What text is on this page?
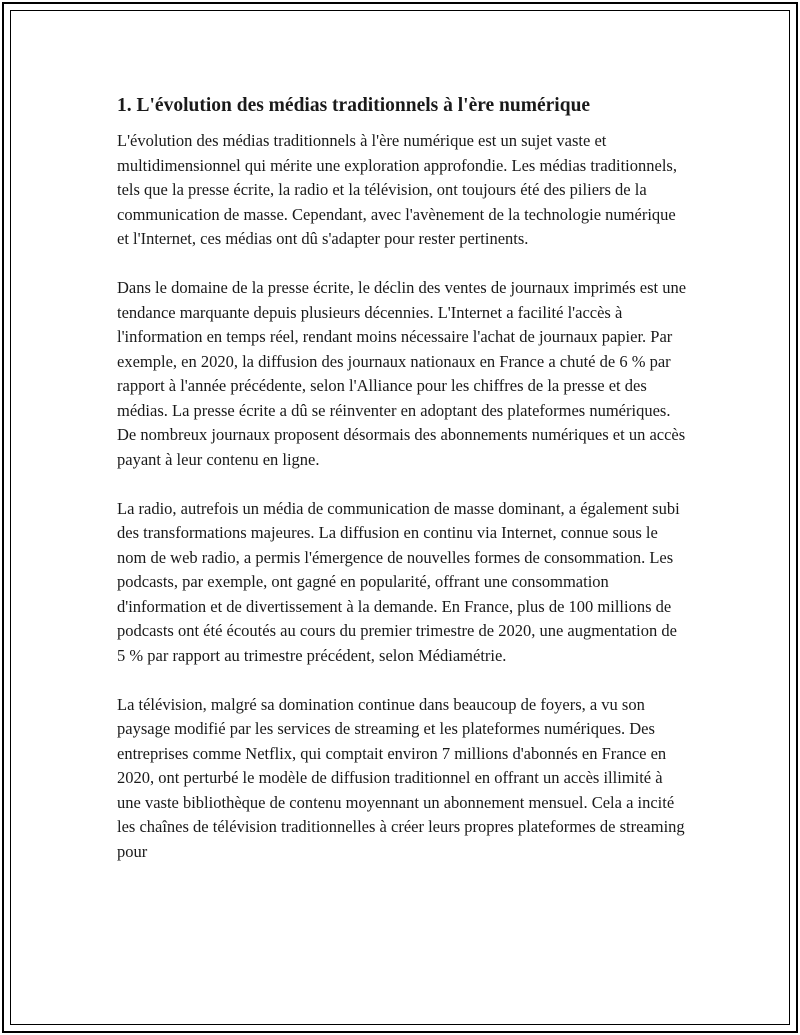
1. L'évolution des médias traditionnels à l'ère numérique

L'évolution des médias traditionnels à l'ère numérique est un sujet vaste et multidimensionnel qui mérite une exploration approfondie. Les médias traditionnels, tels que la presse écrite, la radio et la télévision, ont toujours été des piliers de la communication de masse. Cependant, avec l'avènement de la technologie numérique et l'Internet, ces médias ont dû s'adapter pour rester pertinents.

Dans le domaine de la presse écrite, le déclin des ventes de journaux imprimés est une tendance marquante depuis plusieurs décennies. L'Internet a facilité l'accès à l'information en temps réel, rendant moins nécessaire l'achat de journaux papier. Par exemple, en 2020, la diffusion des journaux nationaux en France a chuté de 6 % par rapport à l'année précédente, selon l'Alliance pour les chiffres de la presse et des médias. La presse écrite a dû se réinventer en adoptant des plateformes numériques. De nombreux journaux proposent désormais des abonnements numériques et un accès payant à leur contenu en ligne.

La radio, autrefois un média de communication de masse dominant, a également subi des transformations majeures. La diffusion en continu via Internet, connue sous le nom de web radio, a permis l'émergence de nouvelles formes de consommation. Les podcasts, par exemple, ont gagné en popularité, offrant une consommation d'information et de divertissement à la demande. En France, plus de 100 millions de podcasts ont été écoutés au cours du premier trimestre de 2020, une augmentation de 5 % par rapport au trimestre précédent, selon Médiamétrie.

La télévision, malgré sa domination continue dans beaucoup de foyers, a vu son paysage modifié par les services de streaming et les plateformes numériques. Des entreprises comme Netflix, qui comptait environ 7 millions d'abonnés en France en 2020, ont perturbé le modèle de diffusion traditionnel en offrant un accès illimité à une vaste bibliothèque de contenu moyennant un abonnement mensuel. Cela a incité les chaînes de télévision traditionnelles à créer leurs propres plateformes de streaming pour
